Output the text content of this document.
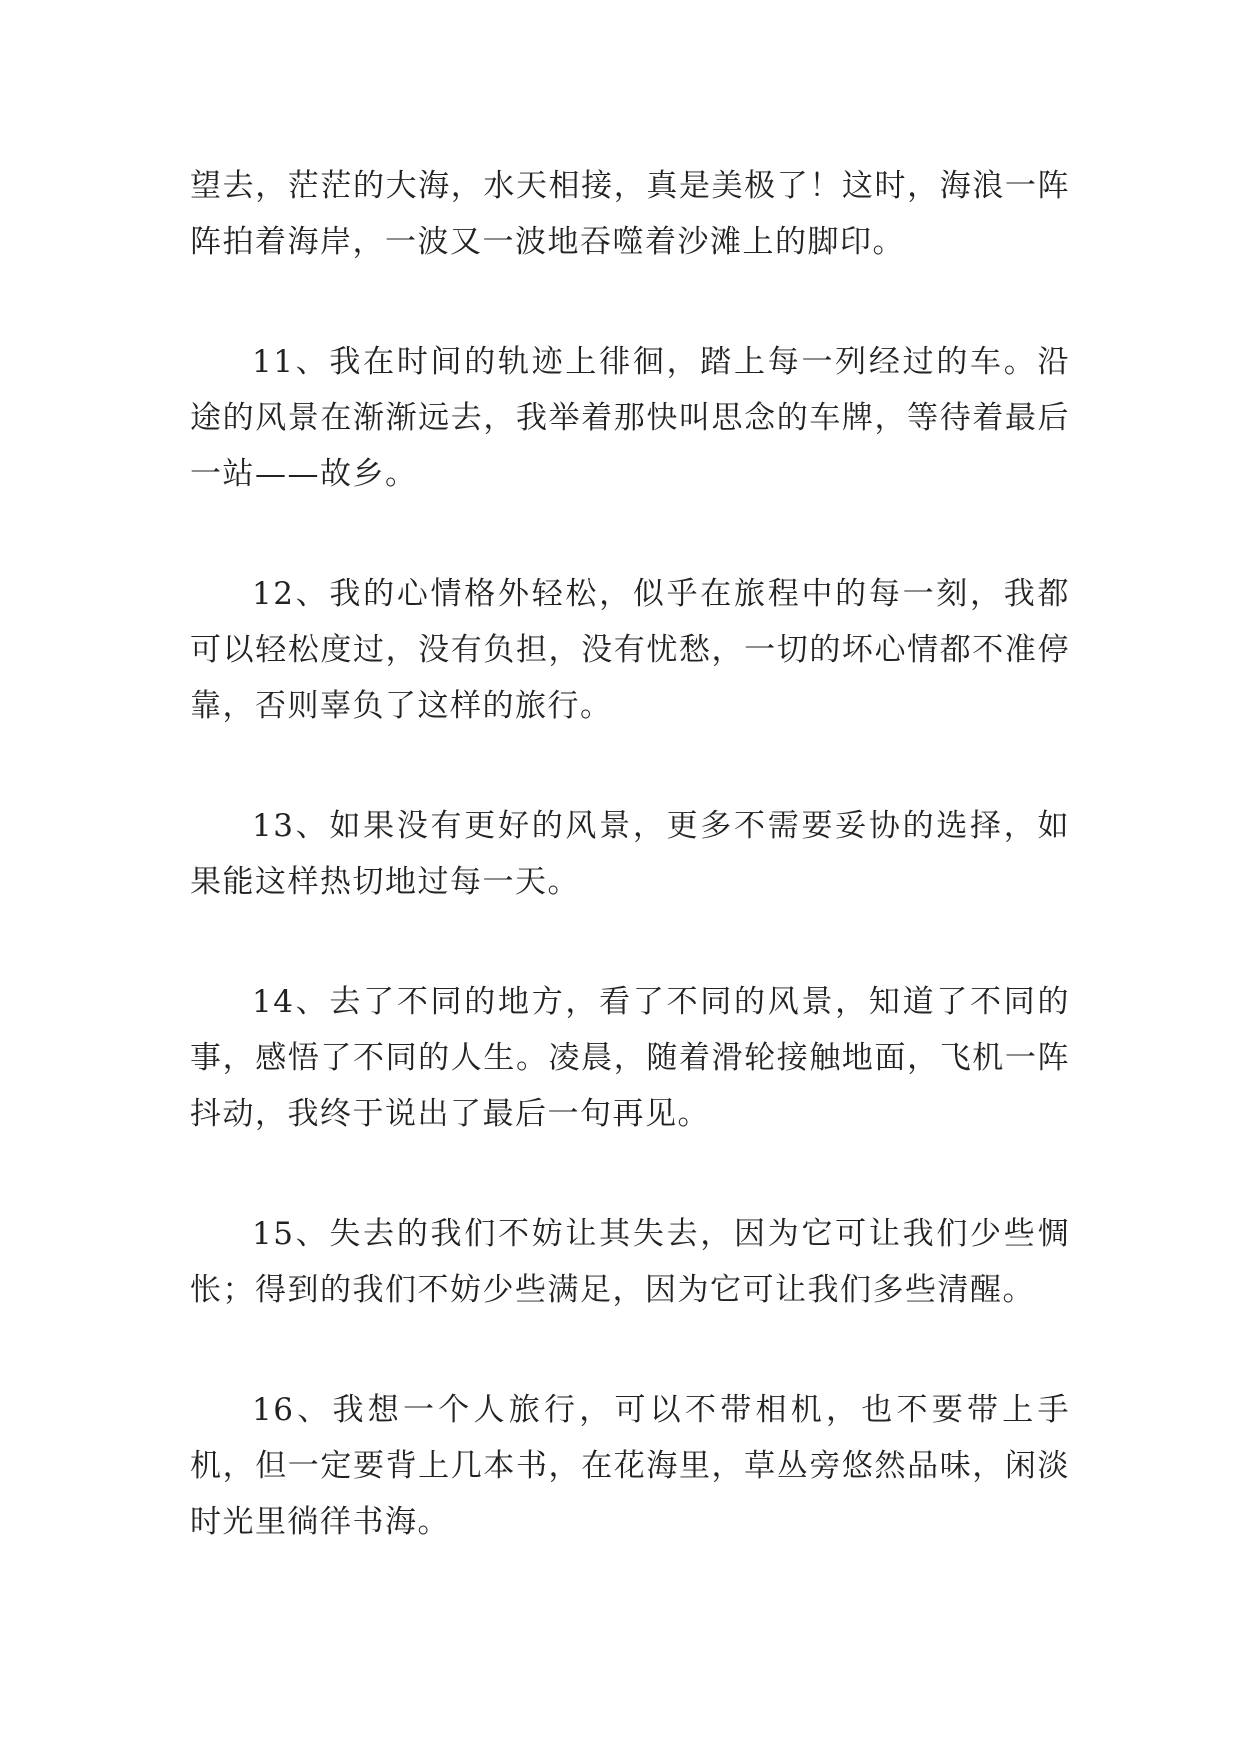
望去，茫茫的大海，水天相接，真是美极了！这时，海浪一阵阵拍着海岸，一波又一波地吞噬着沙滩上的脚印。

11、我在时间的轨迹上徘徊，踏上每一列经过的车。沿途的风景在渐渐远去，我举着那快叫思念的车牌，等待着最后一站——故乡。

12、我的心情格外轻松，似乎在旅程中的每一刻，我都可以轻松度过，没有负担，没有忧愁，一切的坏心情都不准停靠，否则辜负了这样的旅行。

13、如果没有更好的风景，更多不需要妥协的选择，如果能这样热切地过每一天。

14、去了不同的地方，看了不同的风景，知道了不同的事，感悟了不同的人生。凌晨，随着滑轮接触地面，飞机一阵抖动，我终于说出了最后一句再见。

15、失去的我们不妨让其失去，因为它可让我们少些惆怅；得到的我们不妨少些满足，因为它可让我们多些清醒。

16、我想一个人旅行，可以不带相机，也不要带上手机，但一定要背上几本书，在花海里，草丛旁悠然品味，闲淡时光里徜徉书海。
